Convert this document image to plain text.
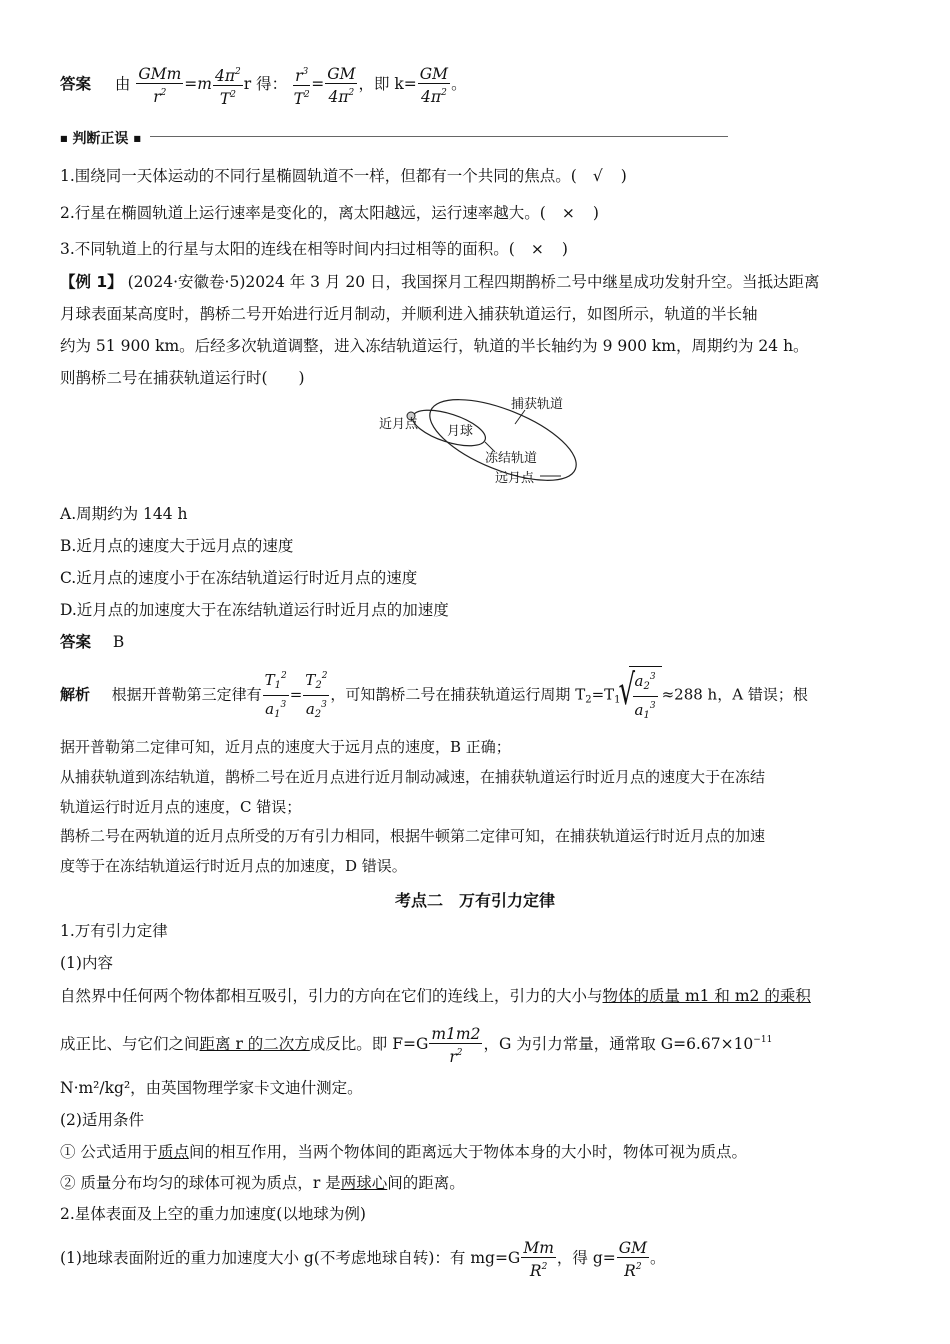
答案 由 $\frac{\text{GMm}}{r^2} =m \frac{4\pi^2}{T^2}$ r 得： $\frac{r^3}{T^2} = \frac{GM}{4\pi^2}$ ，即 $k= \frac{GM}{4\pi^2}$ 。
■ 判断正误 ■
1.围绕同一天体运动的不同行星椭圆轨道不一样，但都有一个共同的焦点。( √ )
2.行星在椭圆轨道上运行速率是变化的，离太阳越远，运行速率越大。( × )
3.不同轨道上的行星与太阳的连线在相等时间内扫过相等的面积。( × )
【例 1】 (2024·安徽卷·5)2024 年 3 月 20 日，我国探月工程四期鹊桥二号中继星成功发射升空。当抵达距离
月球表面某高度时，鹊桥二号开始进行近月制动，并顺利进入捕获轨道运行，如图所示，轨道的半长轴
约为 51 900 km。后经多次轨道调整，进入冻结轨道运行，轨道的半长轴约为 9 900 km，周期约为 24 h。
则鹊桥二号在捕获轨道运行时(　　)
近月点 月球
捕获轨道
冻结轨道
远月点
A.周期约为 144 h
B.近月点的速度大于远月点的速度
C.近月点的速度小于在冻结轨道运行时近月点的速度
D.近月点的加速度大于在冻结轨道运行时近月点的加速度
答案 B
解析 根据开普勒第三定律有 $\frac{T_1^2}{a_1^3} = \frac{T_2^2}{a_2^3}$ ，可知鹊桥二号在捕获轨道运行周期 $T_2=T_1$
√ $\frac{a_2^3}{a_1^3} \approx 288$ h，A 错误；根
据开普勒第二定律可知，近月点的速度大于远月点的速度，B 正确；
从捕获轨道到冻结轨道，鹊桥二号在近月点进行近月制动减速，在捕获轨道运行时近月点的速度大于在冻结
轨道运行时近月点的速度，C 错误；
鹊桥二号在两轨道的近月点所受的万有引力相同，根据牛顿第二定律可知，在捕获轨道运行时近月点的加速
度等于在冻结轨道运行时近月点的加速度，D 错误。
考点二　万有引力定律
1.万有引力定律
(1)内容
自然界中任何两个物体都相互吸引，引力的方向在它们的连线上，引力的大小与物体的质量 m1 和 m2 的乘积
成正比、与它们之间距离 r 的二次方成反比。即 $F=G \frac{m1m2}{r^2}$ ，G 为引力常量，通常取 $G=6.67\times 10^{-11}$
N·m²/kg²，由英国物理学家卡文迪什测定。
(2)适用条件
① 公式适用于质点间的相互作用，当两个物体间的距离远大于物体本身的大小时，物体可视为质点。
② 质量分布均匀的球体可视为质点，r 是两球心间的距离。
2.星体表面及上空的重力加速度(以地球为例)
(1)地球表面附近的重力加速度大小 g(不考虑地球自转)：有 $mg=G \frac{Mm}{R^2}$ ，得 $g= \frac{GM}{R^2}$ 。
